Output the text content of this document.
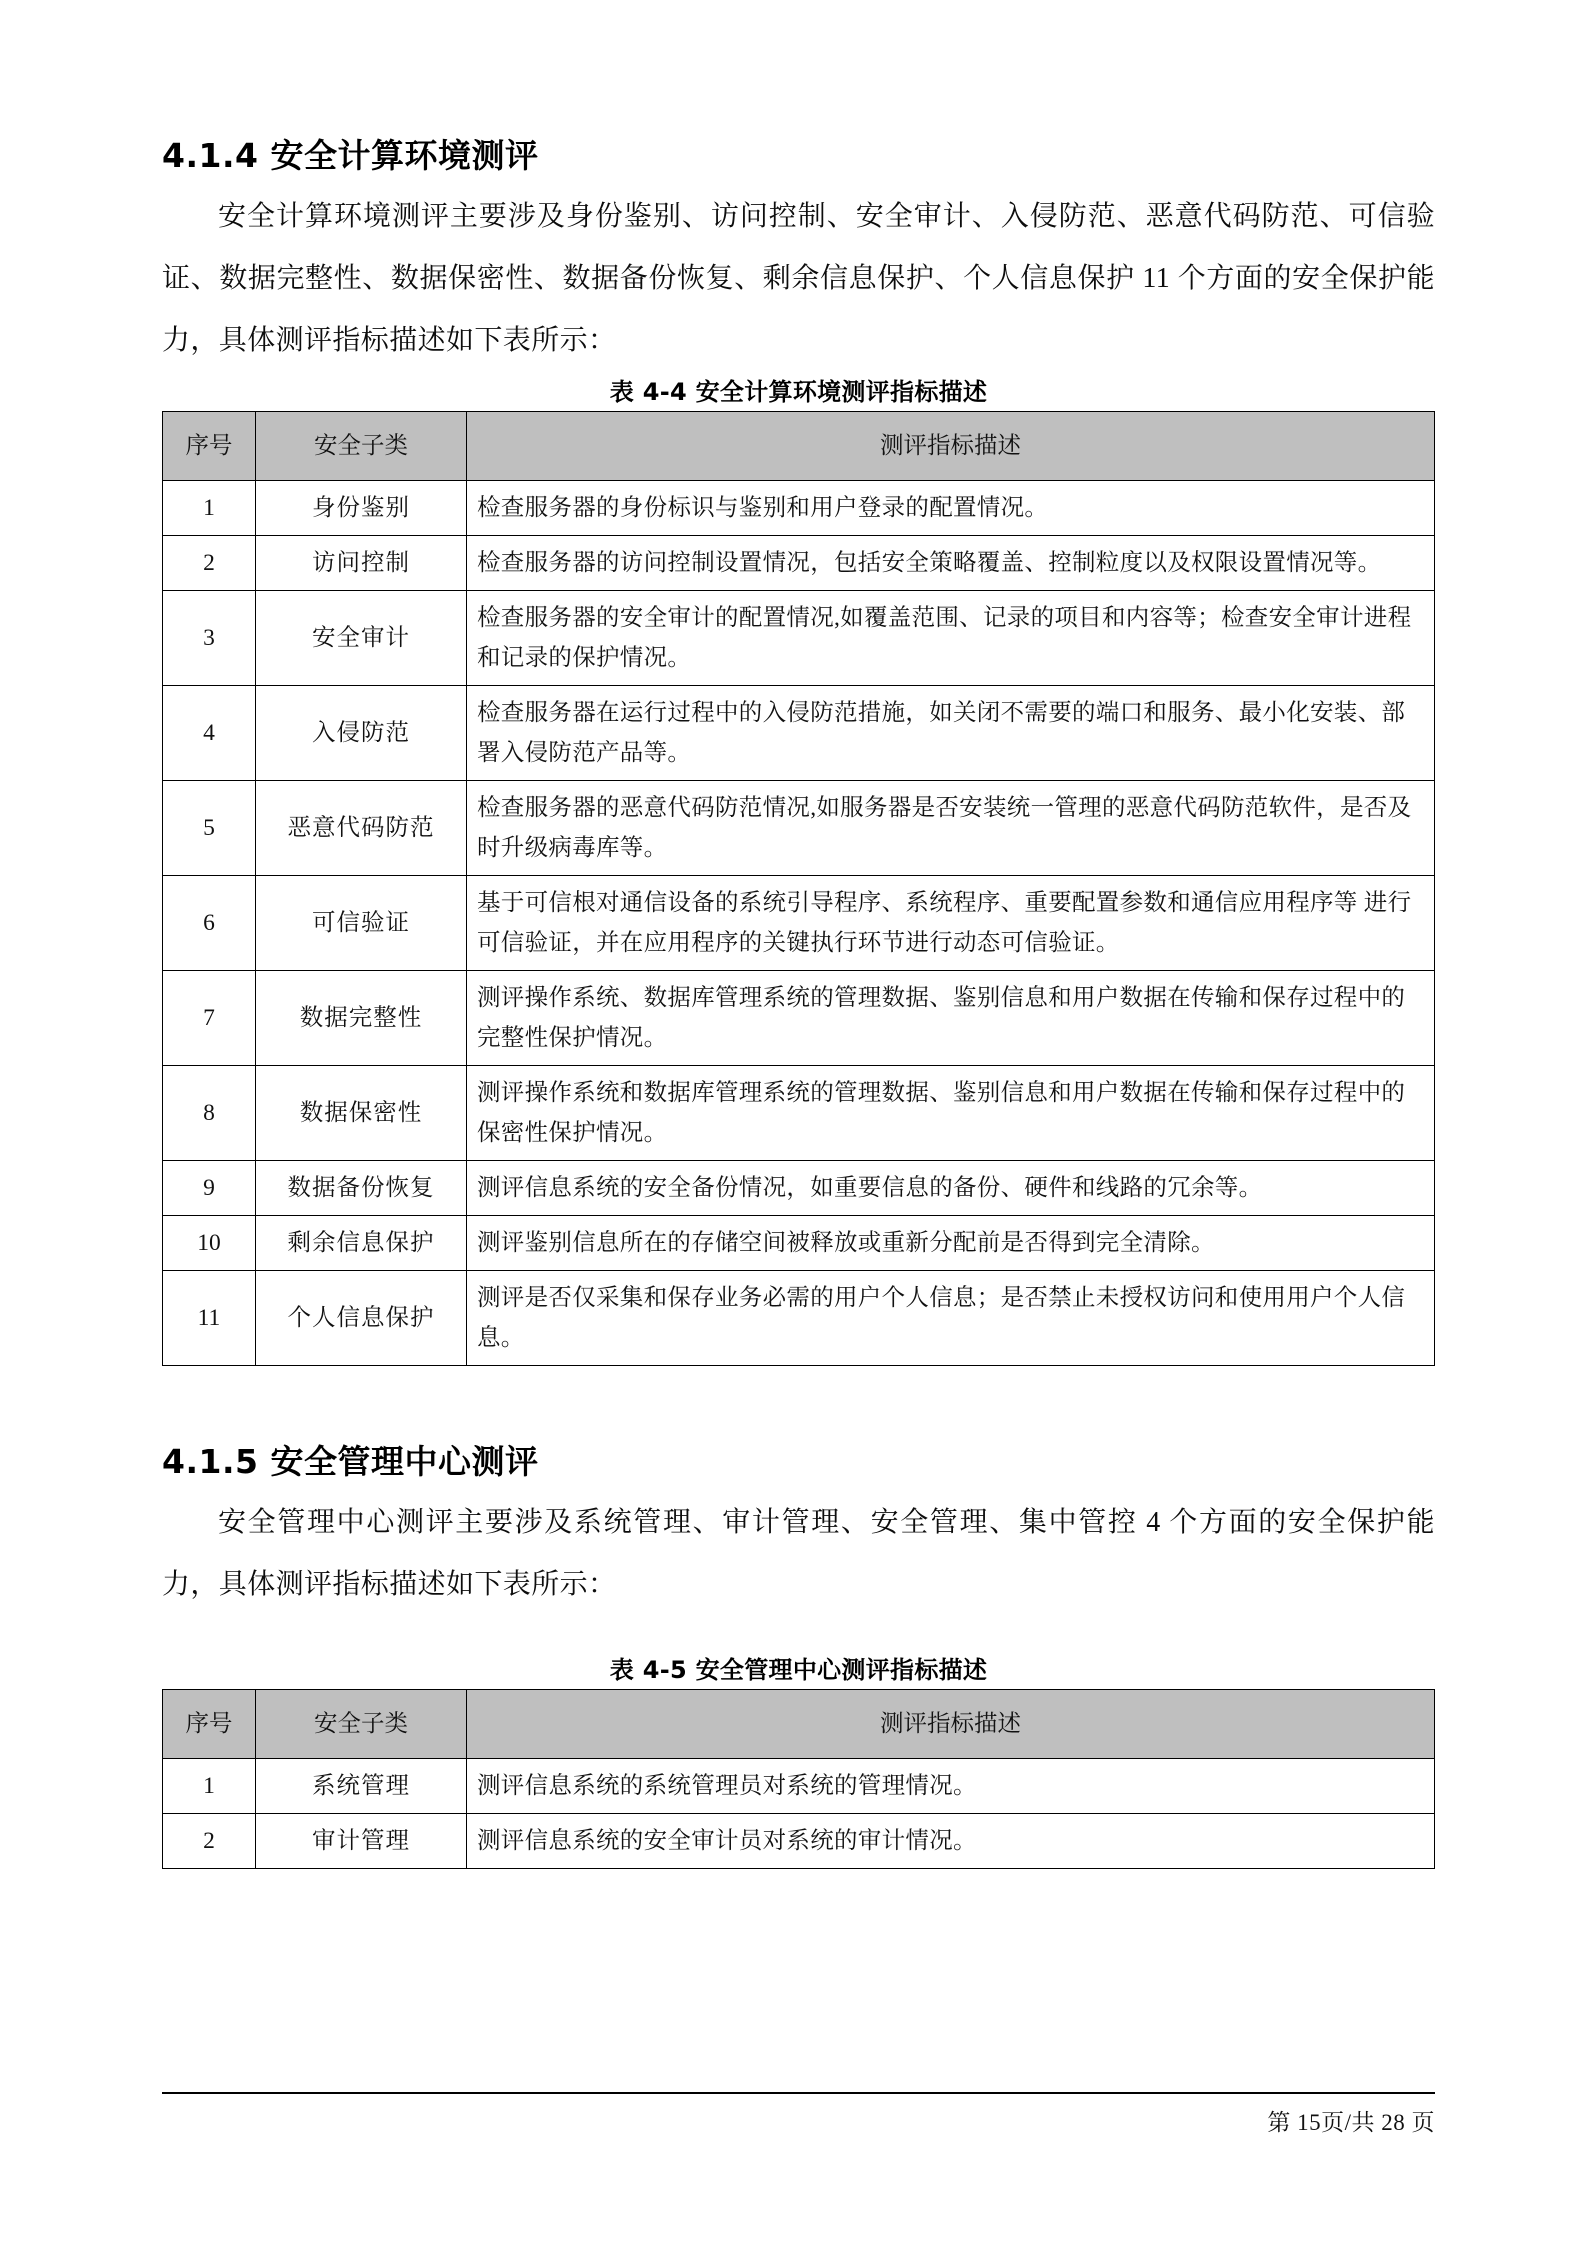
4.1.4 安全计算环境测评

安全计算环境测评主要涉及身份鉴别、访问控制、安全审计、入侵防范、恶意代码防范、可信验证、数据完整性、数据保密性、数据备份恢复、剩余信息保护、个人信息保护 11 个方面的安全保护能力，具体测评指标描述如下表所示：

表 4-4 安全计算环境测评指标描述
序号	安全子类	测评指标描述
1	身份鉴别	检查服务器的身份标识与鉴别和用户登录的配置情况。
2	访问控制	检查服务器的访问控制设置情况，包括安全策略覆盖、控制粒度以及权限设置情况等。
3	安全审计	检查服务器的安全审计的配置情况,如覆盖范围、记录的项目和内容等；检查安全审计进程和记录的保护情况。
4	入侵防范	检查服务器在运行过程中的入侵防范措施，如关闭不需要的端口和服务、最小化安装、部署入侵防范产品等。
5	恶意代码防范	检查服务器的恶意代码防范情况,如服务器是否安装统一管理的恶意代码防范软件，是否及时升级病毒库等。
6	可信验证	基于可信根对通信设备的系统引导程序、系统程序、重要配置参数和通信应用程序等 进行可信验证，并在应用程序的关键执行环节进行动态可信验证。
7	数据完整性	测评操作系统、数据库管理系统的管理数据、鉴别信息和用户数据在传输和保存过程中的完整性保护情况。
8	数据保密性	测评操作系统和数据库管理系统的管理数据、鉴别信息和用户数据在传输和保存过程中的保密性保护情况。
9	数据备份恢复	测评信息系统的安全备份情况，如重要信息的备份、硬件和线路的冗余等。
10	剩余信息保护	测评鉴别信息所在的存储空间被释放或重新分配前是否得到完全清除。
11	个人信息保护	测评是否仅采集和保存业务必需的用户个人信息；是否禁止未授权访问和使用用户个人信息。
4.1.5 安全管理中心测评

安全管理中心测评主要涉及系统管理、审计管理、安全管理、集中管控 4 个方面的安全保护能力，具体测评指标描述如下表所示：

表 4-5 安全管理中心测评指标描述
序号	安全子类	测评指标描述
1	系统管理	测评信息系统的系统管理员对系统的管理情况。
2	审计管理	测评信息系统的安全审计员对系统的审计情况。
第 15页/共 28 页
